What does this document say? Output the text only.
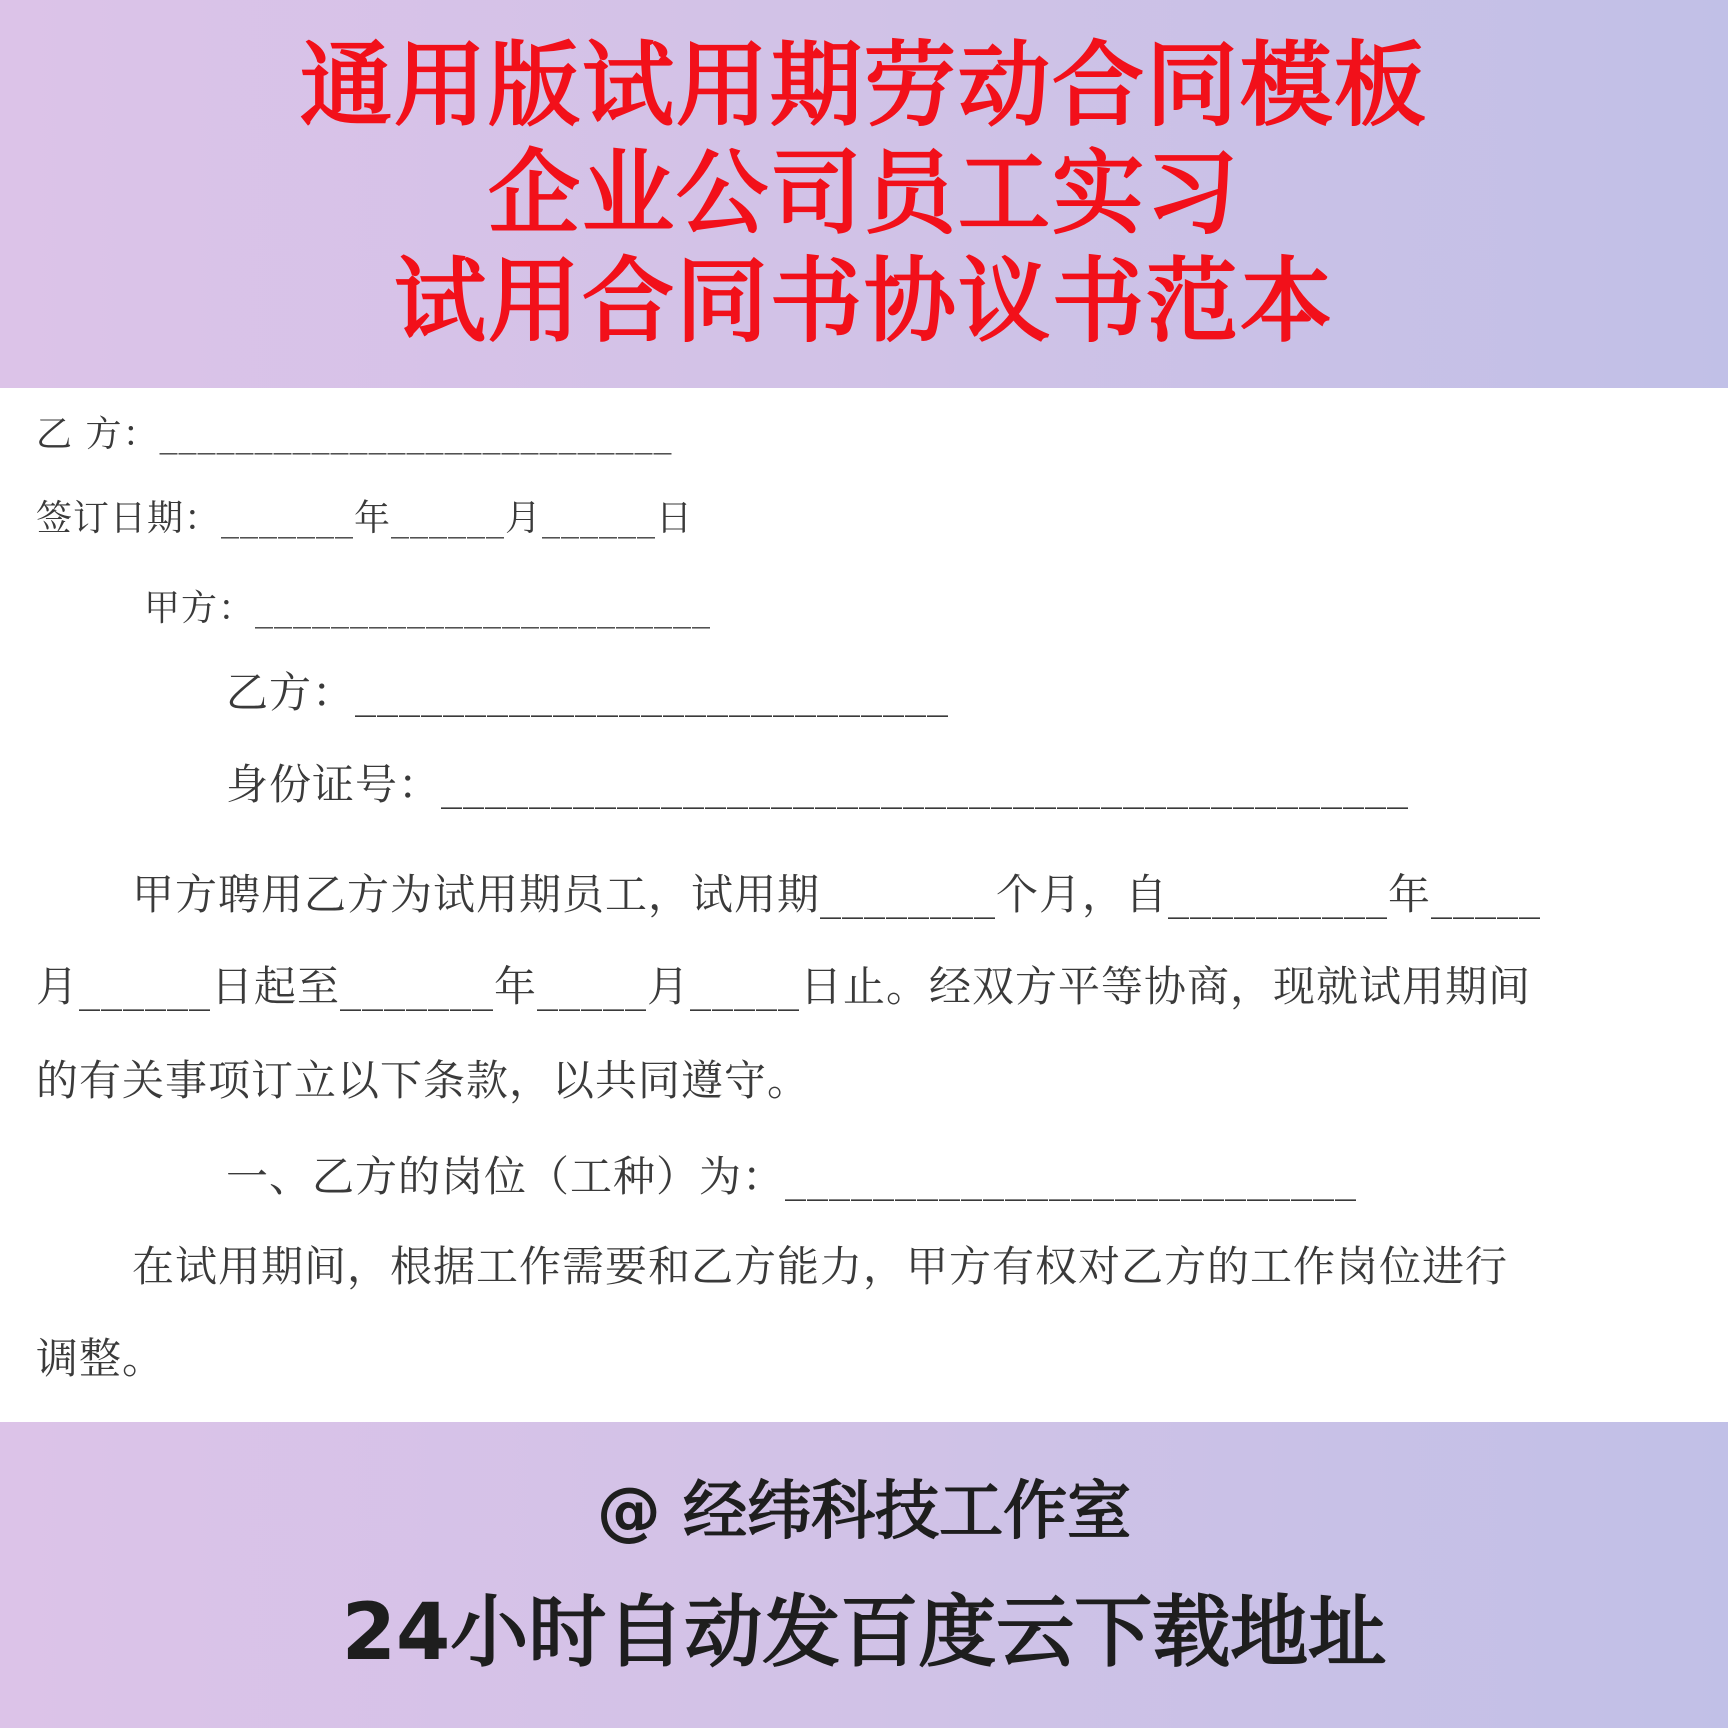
通用版试用期劳动合同模板
企业公司员工实习
试用合同书协议书范本
乙 方：___________________________
签订日期：_______年______月______日
甲方：________________________
乙方：___________________________
身份证号：____________________________________________
甲方聘用乙方为试用期员工，试用期________个月，自__________年_____
月______日起至_______年_____月_____日止。经双方平等协商，现就试用期间
的有关事项订立以下条款，以共同遵守。
一、乙方的岗位（工种）为：__________________________
在试用期间，根据工作需要和乙方能力，甲方有权对乙方的工作岗位进行
调整。
@ 经纬科技工作室
24小时自动发百度云下载地址
